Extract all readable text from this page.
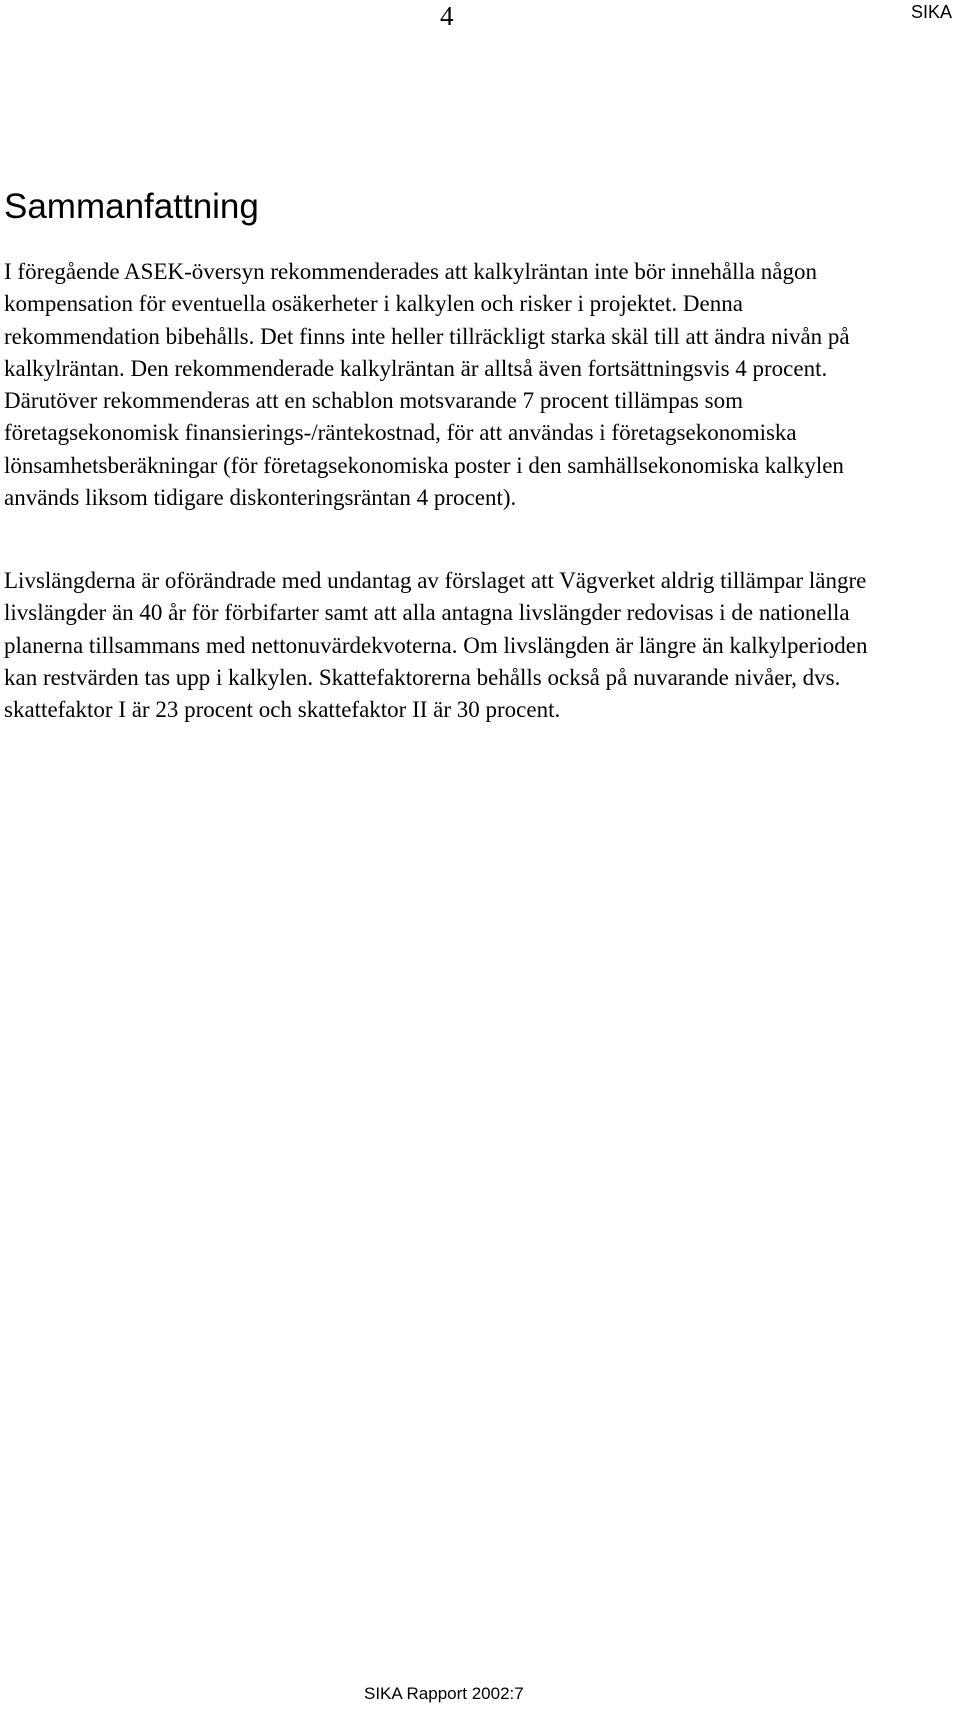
4	SIKA
Sammanfattning

I föregående ASEK-översyn rekommenderades att kalkylräntan inte bör innehålla någon kompensation för eventuella osäkerheter i kalkylen och risker i projektet. Denna rekommendation bibehålls. Det finns inte heller tillräckligt starka skäl till att ändra nivån på kalkylräntan. Den rekommenderade kalkylräntan är alltså även fortsättningsvis 4 procent. Därutöver rekommenderas att en schablon motsvarande 7 procent tillämpas som företagsekonomisk finansierings-/räntekostnad, för att användas i företagsekonomiska lönsamhetsberäkningar (för företagsekonomiska poster i den samhällsekonomiska kalkylen används liksom tidigare diskonteringsräntan 4 procent).

Livslängderna är oförändrade med undantag av förslaget att Vägverket aldrig tillämpar längre livslängder än 40 år för förbifarter samt att alla antagna livslängder redovisas i de nationella planerna tillsammans med nettonuvärdekvoterna. Om livslängden är längre än kalkylperioden kan restvärden tas upp i kalkylen. Skattefaktorerna behålls också på nuvarande nivåer, dvs. skattefaktor I är 23 procent och skattefaktor II är 30 procent.

SIKA Rapport 2002:7
